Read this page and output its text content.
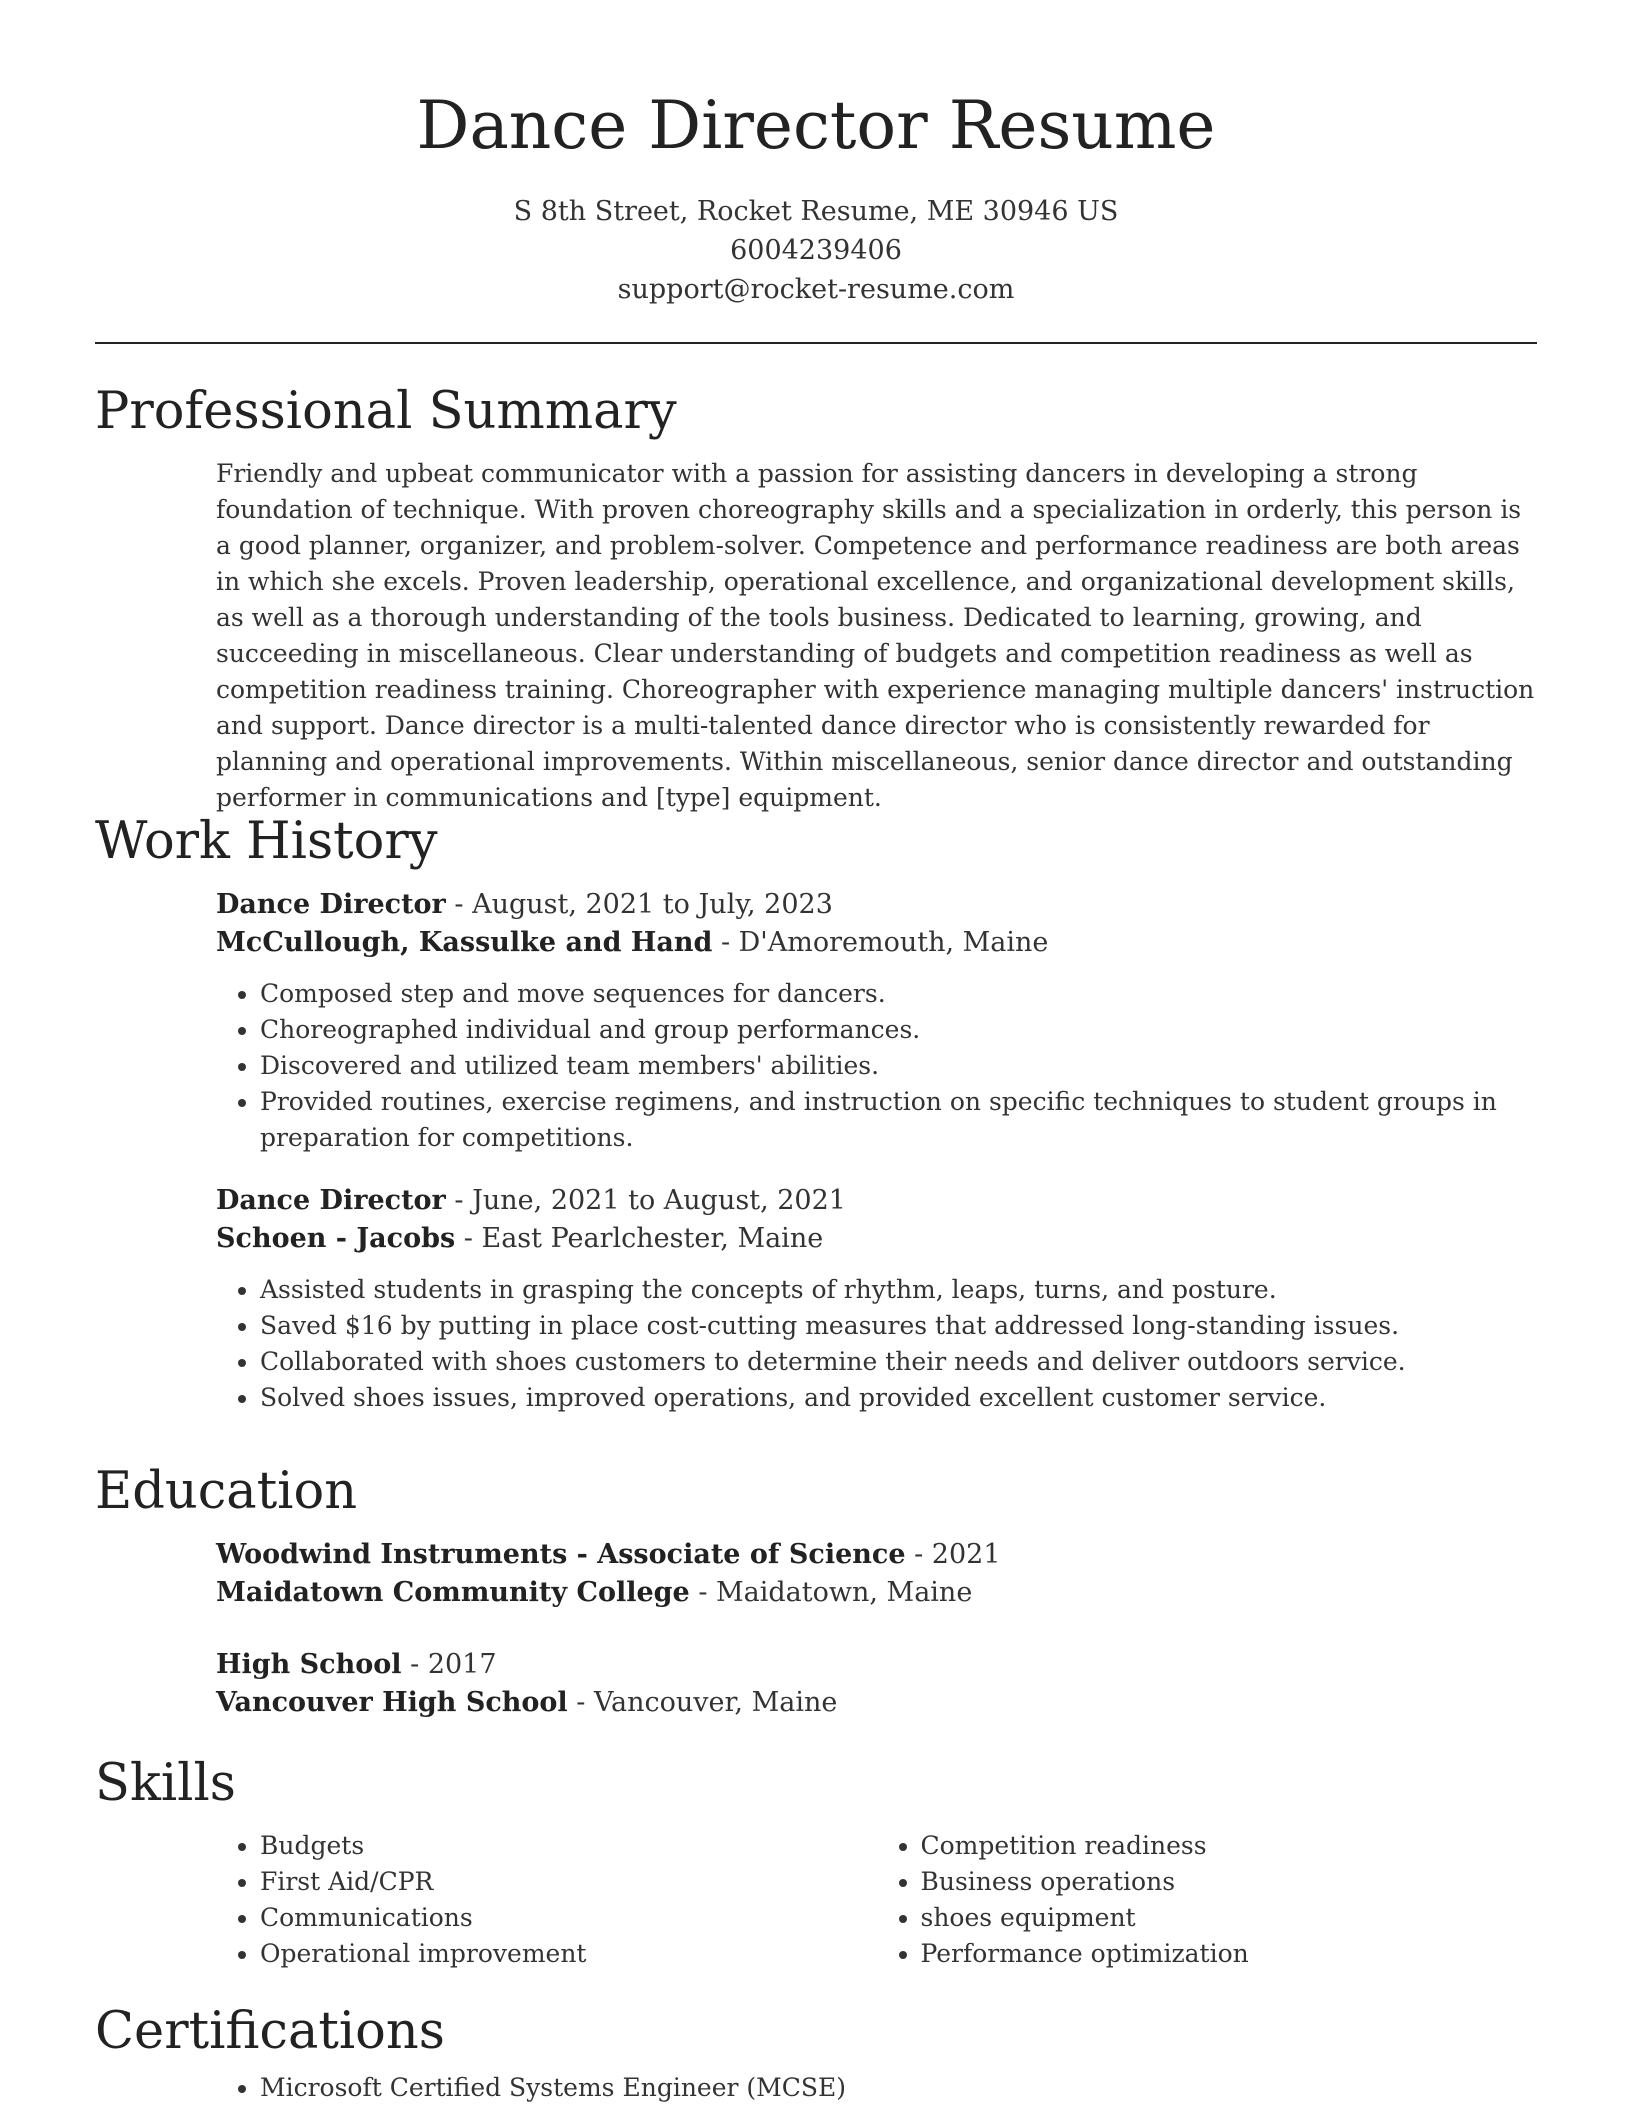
Dance Director Resume
S 8th Street, Rocket Resume, ME 30946 US
6004239406
support@rocket-resume.com
Professional Summary

Friendly and upbeat communicator with a passion for assisting dancers in developing a strong foundation of technique. With proven choreography skills and a specialization in orderly, this person is a good planner, organizer, and problem-solver. Competence and performance readiness are both areas in which she excels. Proven leadership, operational excellence, and organizational development skills, as well as a thorough understanding of the tools business. Dedicated to learning, growing, and succeeding in miscellaneous. Clear understanding of budgets and competition readiness as well as competition readiness training. Choreographer with experience managing multiple dancers' instruction and support. Dance director is a multi-talented dance director who is consistently rewarded for planning and operational improvements. Within miscellaneous, senior dance director and outstanding performer in communications and [type] equipment.

Work History
Dance Director - August, 2021 to July, 2023
McCullough, Kassulke and Hand - D'Amoremouth, Maine
• Composed step and move sequences for dancers.
• Choreographed individual and group performances.
• Discovered and utilized team members' abilities.
• Provided routines, exercise regimens, and instruction on specific techniques to student groups in preparation for competitions.
Dance Director - June, 2021 to August, 2021
Schoen - Jacobs - East Pearlchester, Maine
• Assisted students in grasping the concepts of rhythm, leaps, turns, and posture.
• Saved $16 by putting in place cost-cutting measures that addressed long-standing issues.
• Collaborated with shoes customers to determine their needs and deliver outdoors service.
• Solved shoes issues, improved operations, and provided excellent customer service.
Education
Woodwind Instruments - Associate of Science - 2021
Maidatown Community College - Maidatown, Maine
High School - 2017
Vancouver High School - Vancouver, Maine
Skills
• Budgets
• First Aid/CPR
• Communications
• Operational improvement
• Competition readiness
• Business operations
• shoes equipment
• Performance optimization
Certifications
• Microsoft Certified Systems Engineer (MCSE)
